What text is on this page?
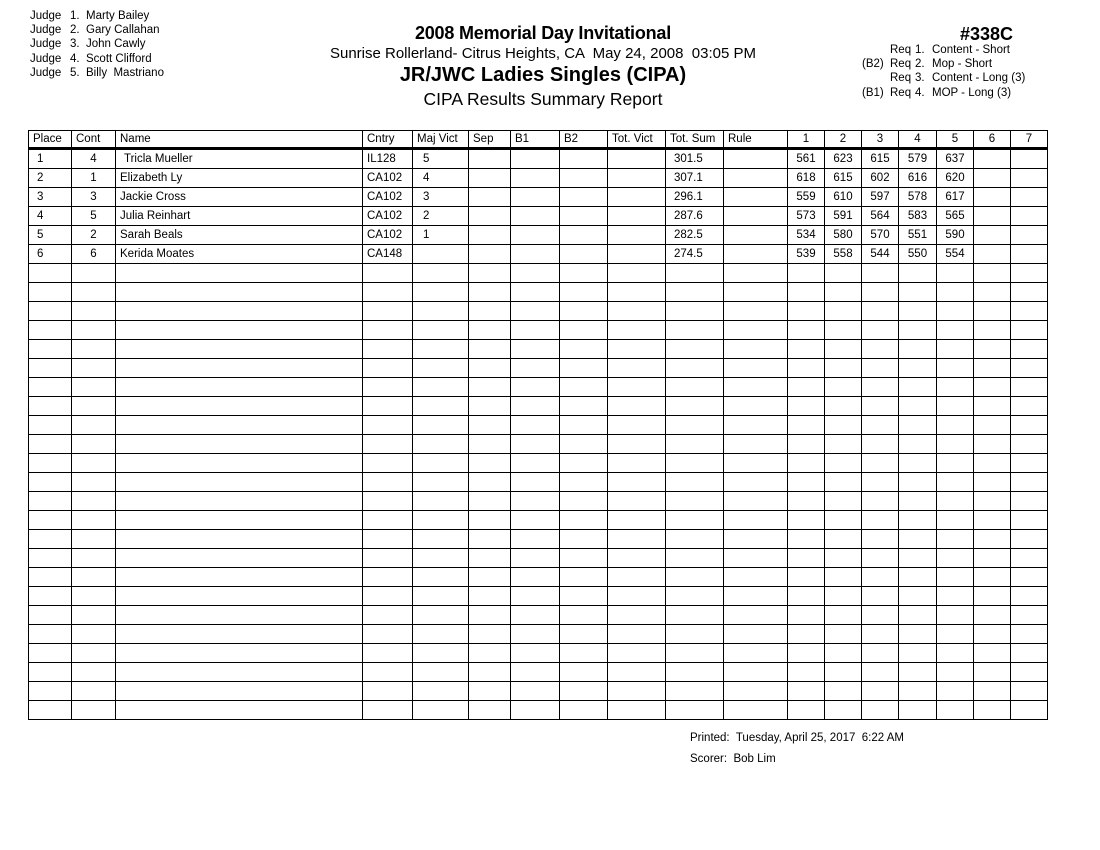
Judge 1. Marty Bailey
Judge 2. Gary Callahan
Judge 3. John Cawly
Judge 4. Scott Clifford
Judge 5. Billy  Mastriano
2008 Memorial Day Invitational
Sunrise Rollerland- Citrus Heights, CA  May 24, 2008  03:05 PM
JR/JWC Ladies Singles (CIPA)
CIPA Results Summary Report
#338C
Req 1. Content - Short
(B2) Req 2. Mop - Short
Req 3. Content - Long (3)
(B1) Req 4. MOP - Long (3)
Place	Cont	Name	Cntry	Maj Vict	Sep	B1	B2	Tot. Vict	Tot. Sum	Rule	1	2	3	4	5	6	7
1	4	Tricla Mueller	IL128	5					301.5		561	623	615	579	637		
2	1	Elizabeth Ly	CA102	4					307.1		618	615	602	616	620		
3	3	Jackie Cross	CA102	3					296.1		559	610	597	578	617		
4	5	Julia Reinhart	CA102	2					287.6		573	591	564	583	565		
5	2	Sarah Beals	CA102	1					282.5		534	580	570	551	590		
6	6	Kerida Moates	CA148						274.5		539	558	544	550	554		

Printed: Tuesday, April 25, 2017  6:22 AM
Scorer: Bob Lim
